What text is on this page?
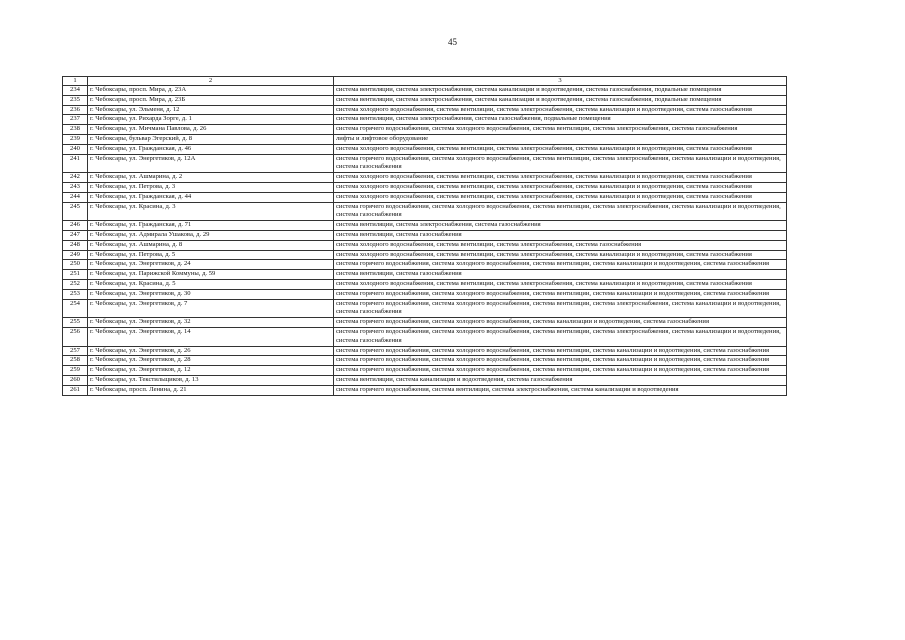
45
1	2	3
234	г. Чебоксары, просп. Мира, д. 23А	система вентиляции, система электроснабжения, система канализации и водоотведения, система газоснабжения, подвальные помещения
235	г. Чебоксары, просп. Мира, д. 23Б	система вентиляции, система электроснабжения, система канализации и водоотведения, система газоснабжения, подвальные помещения
236	г. Чебоксары, ул. Эльменя, д. 12	система холодного водоснабжения, система вентиляции, система электроснабжения, система канализации и водоотведения, система газоснабжения
237	г. Чебоксары, ул. Рихарда Зорге, д. 1	система вентиляции, система электроснабжения, система газоснабжения, подвальные помещения
238	г. Чебоксары, ул. Мичмана Павлова, д. 26	система горячего водоснабжения, система холодного водоснабжения, система вентиляции, система электроснабжения, система газоснабжения
239	г. Чебоксары, бульвар Эгерский, д. 8	лифты и лифтовое оборудование
240	г. Чебоксары, ул. Гражданская, д. 46	система холодного водоснабжения, система вентиляции, система электроснабжения, система канализации и водоотведения, система газоснабжения
241	г. Чебоксары, ул. Энергетиков, д. 12А	система горячего водоснабжения, система холодного водоснабжения, система вентиляции, система электроснабжения, система канализации и водоотведения, система газоснабжения
242	г. Чебоксары, ул. Ашмарина, д. 2	система холодного водоснабжения, система вентиляции, система электроснабжения, система канализации и водоотведения, система газоснабжения
243	г. Чебоксары, ул. Петрова, д. 3	система холодного водоснабжения, система вентиляции, система электроснабжения, система канализации и водоотведения, система газоснабжения
244	г. Чебоксары, ул. Гражданская, д. 44	система холодного водоснабжения, система вентиляции, система электроснабжения, система канализации и водоотведения, система газоснабжения
245	г. Чебоксары, ул. Красина, д. 3	система горячего водоснабжения, система холодного водоснабжения, система вентиляции, система электроснабжения, система канализации и водоотведения, система газоснабжения
246	г. Чебоксары, ул. Гражданская, д. 71	система вентиляции, система электроснабжения, система газоснабжения
247	г. Чебоксары, ул. Адмирала Ушакова, д. 29	система вентиляции, система газоснабжения
248	г. Чебоксары, ул. Ашмарина, д. 8	система холодного водоснабжения, система вентиляции, система электроснабжения, система газоснабжения
249	г. Чебоксары, ул. Петрова, д. 5	система холодного водоснабжения, система вентиляции, система электроснабжения, система канализации и водоотведения, система газоснабжения
250	г. Чебоксары, ул. Энергетиков, д. 24	система горячего водоснабжения, система холодного водоснабжения, система вентиляции, система канализации и водоотведения, система газоснабжения
251	г. Чебоксары, ул. Парижской Коммуны, д. 59	система вентиляции, система газоснабжения
252	г. Чебоксары, ул. Красина, д. 5	система холодного водоснабжения, система вентиляции, система электроснабжения, система канализации и водоотведения, система газоснабжения
253	г. Чебоксары, ул. Энергетиков, д. 30	система горячего водоснабжения, система холодного водоснабжения, система вентиляции, система канализации и водоотведения, система газоснабжения
254	г. Чебоксары, ул. Энергетиков, д. 7	система горячего водоснабжения, система холодного водоснабжения, система вентиляции, система электроснабжения, система канализации и водоотведения, система газоснабжения
255	г. Чебоксары, ул. Энергетиков, д. 32	система горячего водоснабжения, система холодного водоснабжения, система канализации и водоотведения, система газоснабжения
256	г. Чебоксары, ул. Энергетиков, д. 14	система горячего водоснабжения, система холодного водоснабжения, система вентиляции, система электроснабжения, система канализации и водоотведения, система газоснабжения
257	г. Чебоксары, ул. Энергетиков, д. 26	система горячего водоснабжения, система холодного водоснабжения, система вентиляции, система канализации и водоотведения, система газоснабжения
258	г. Чебоксары, ул. Энергетиков, д. 28	система горячего водоснабжения, система холодного водоснабжения, система вентиляции, система канализации и водоотведения, система газоснабжения
259	г. Чебоксары, ул. Энергетиков, д. 12	система горячего водоснабжения, система холодного водоснабжения, система вентиляции, система канализации и водоотведения, система газоснабжения
260	г. Чебоксары, ул. Текстильщиков, д. 13	система вентиляции, система канализации и водоотведения, система газоснабжения
261	г. Чебоксары, просп. Ленина, д. 21	система горячего водоснабжения, система вентиляции, система электроснабжения, система канализации и водоотведения
